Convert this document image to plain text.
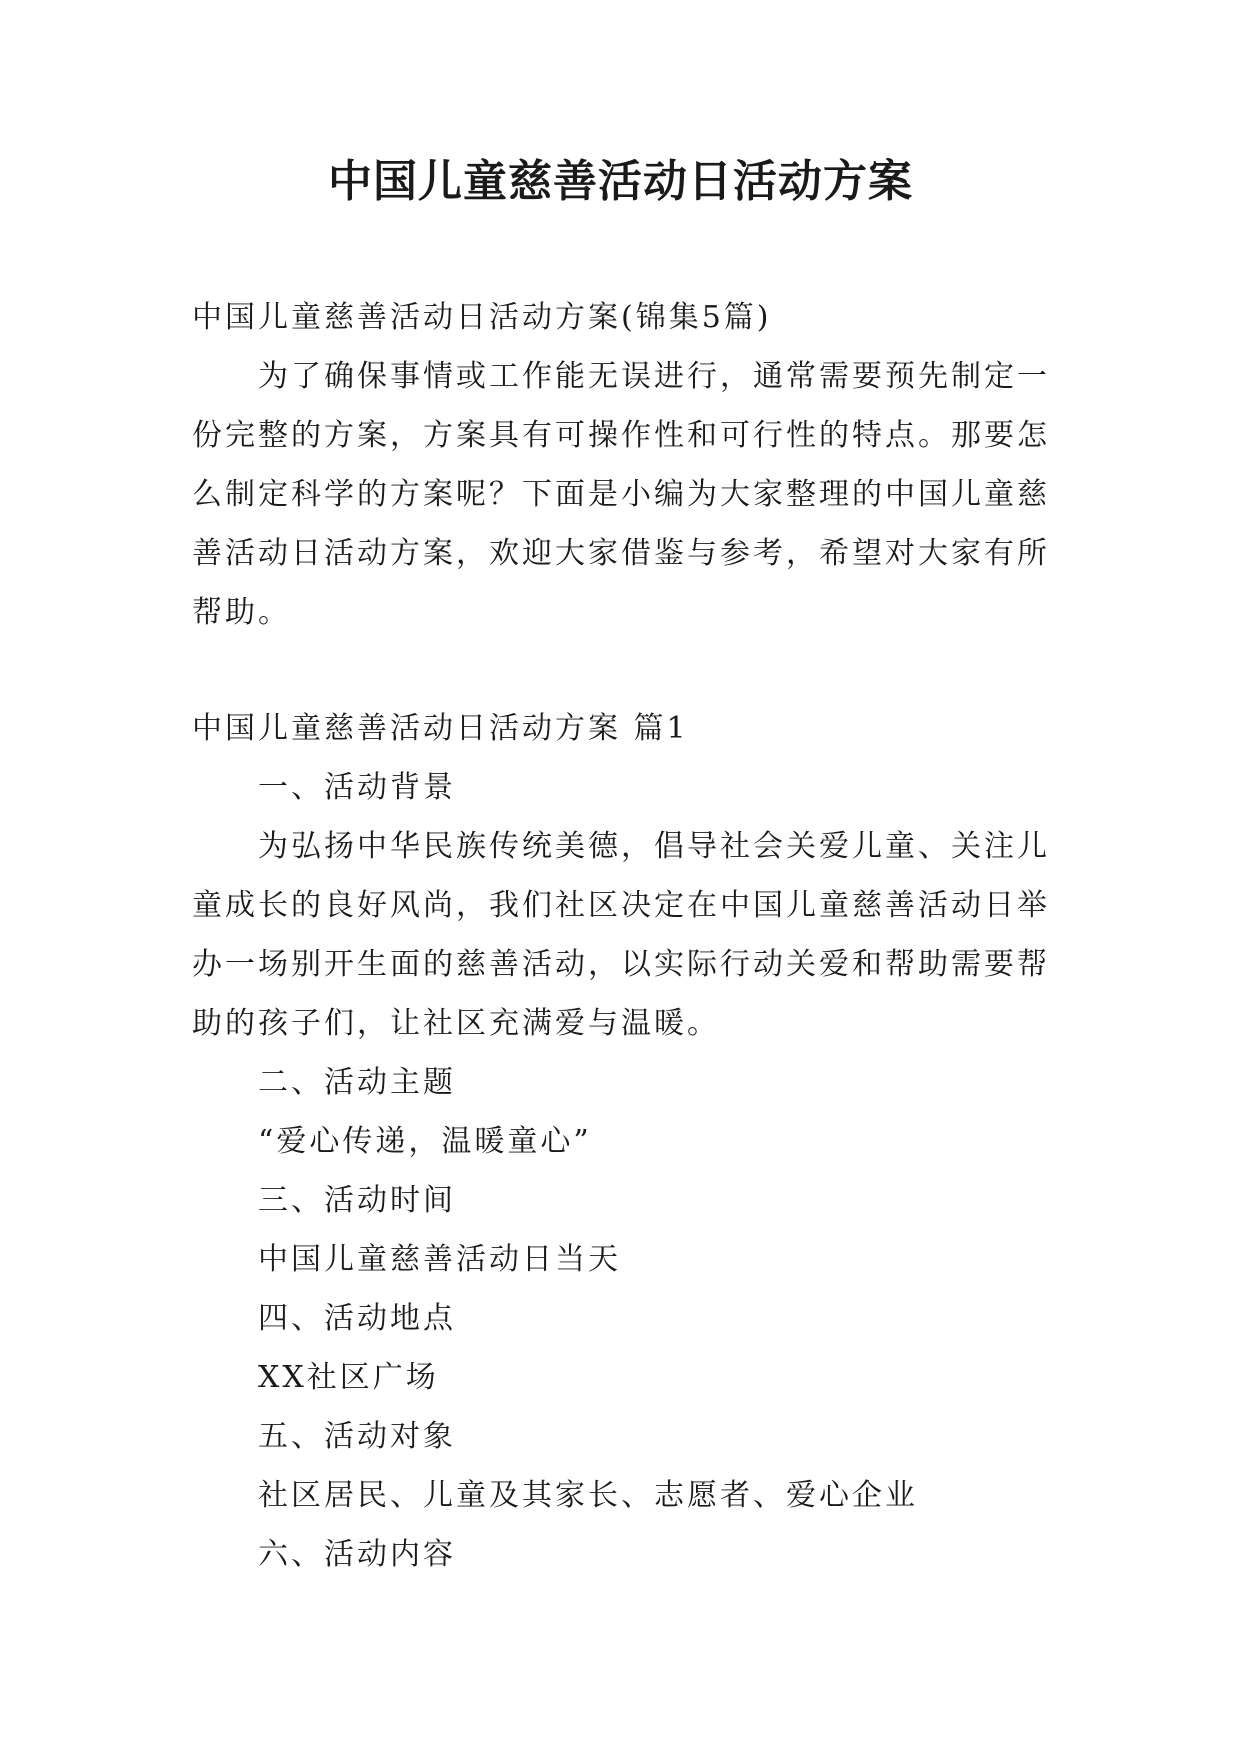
中国儿童慈善活动日活动方案

中国儿童慈善活动日活动方案(锦集5篇)

为了确保事情或工作能无误进行，通常需要预先制定一份完整的方案，方案具有可操作性和可行性的特点。那要怎么制定科学的方案呢？下面是小编为大家整理的中国儿童慈善活动日活动方案，欢迎大家借鉴与参考，希望对大家有所帮助。

中国儿童慈善活动日活动方案 篇1

一、活动背景

为弘扬中华民族传统美德，倡导社会关爱儿童、关注儿童成长的良好风尚，我们社区决定在中国儿童慈善活动日举办一场别开生面的慈善活动，以实际行动关爱和帮助需要帮助的孩子们，让社区充满爱与温暖。

二、活动主题

“爱心传递，温暖童心”

三、活动时间

中国儿童慈善活动日当天

四、活动地点

XX社区广场

五、活动对象

社区居民、儿童及其家长、志愿者、爱心企业

六、活动内容
